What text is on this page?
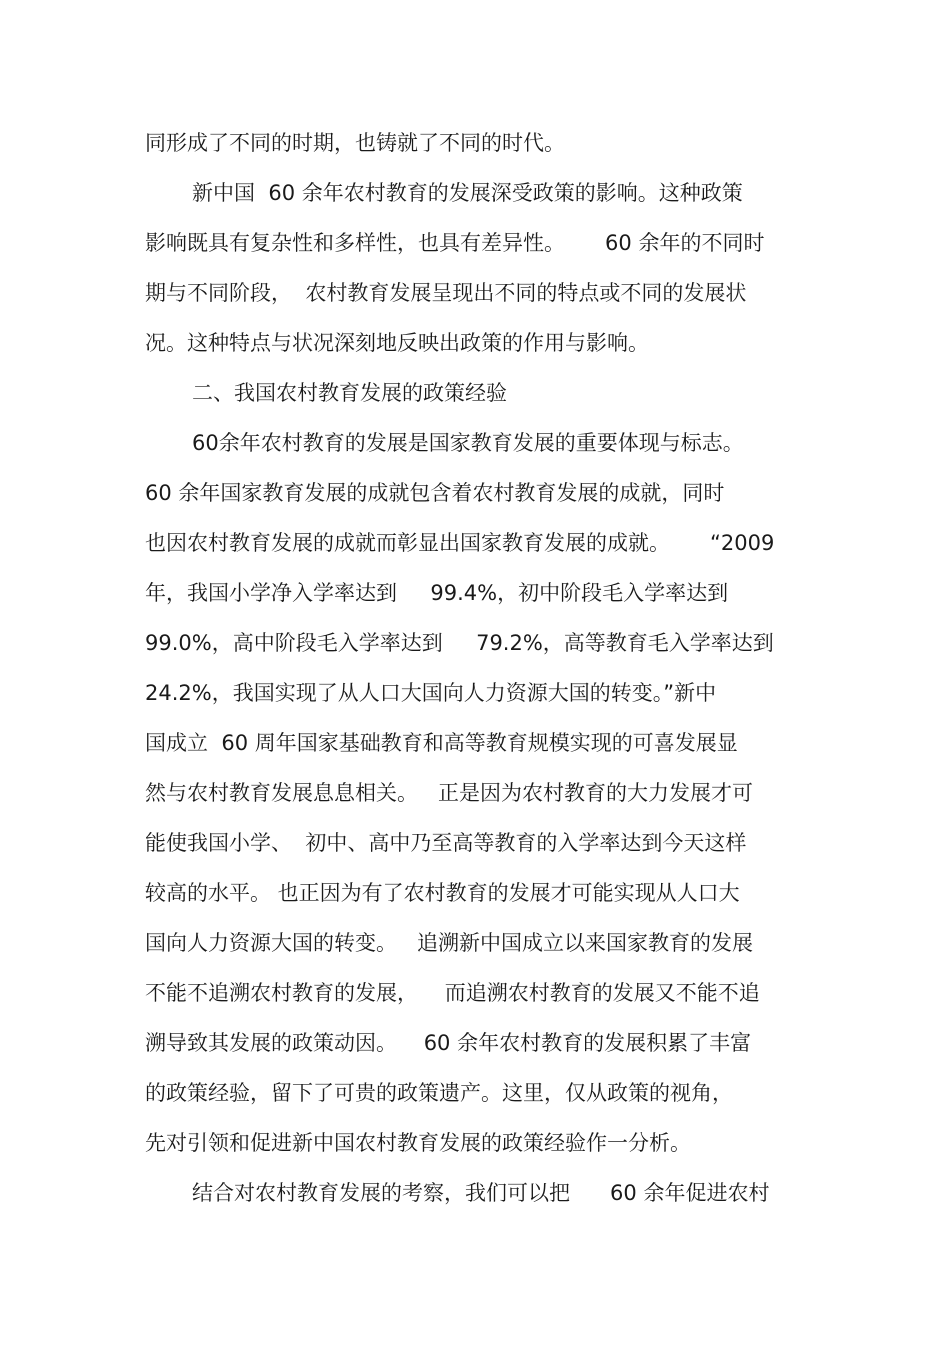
同形成了不同的时期，也铸就了不同的时代。
新中国  60 余年农村教育的发展深受政策的影响。这种政策
影响既具有复杂性和多样性，也具有差异性。      60 余年的不同时
期与不同阶段，  农村教育发展呈现出不同的特点或不同的发展状
况。这种特点与状况深刻地反映出政策的作用与影响。
二、我国农村教育发展的政策经验
60余年农村教育的发展是国家教育发展的重要体现与标志。
60 余年国家教育发展的成就包含着农村教育发展的成就，同时
也因农村教育发展的成就而彰显出国家教育发展的成就。      “2009
年，我国小学净入学率达到     99.4%，初中阶段毛入学率达到
99.0%，高中阶段毛入学率达到     79.2%，高等教育毛入学率达到
24.2%，我国实现了从人口大国向人力资源大国的转变。”新中
国成立  60 周年国家基础教育和高等教育规模实现的可喜发展显
然与农村教育发展息息相关。   正是因为农村教育的大力发展才可
能使我国小学、  初中、高中乃至高等教育的入学率达到今天这样
较高的水平。 也正因为有了农村教育的发展才可能实现从人口大
国向人力资源大国的转变。   追溯新中国成立以来国家教育的发展
不能不追溯农村教育的发展，    而追溯农村教育的发展又不能不追
溯导致其发展的政策动因。    60 余年农村教育的发展积累了丰富
的政策经验，留下了可贵的政策遗产。这里，仅从政策的视角，
先对引领和促进新中国农村教育发展的政策经验作一分析。
结合对农村教育发展的考察，我们可以把      60 余年促进农村
